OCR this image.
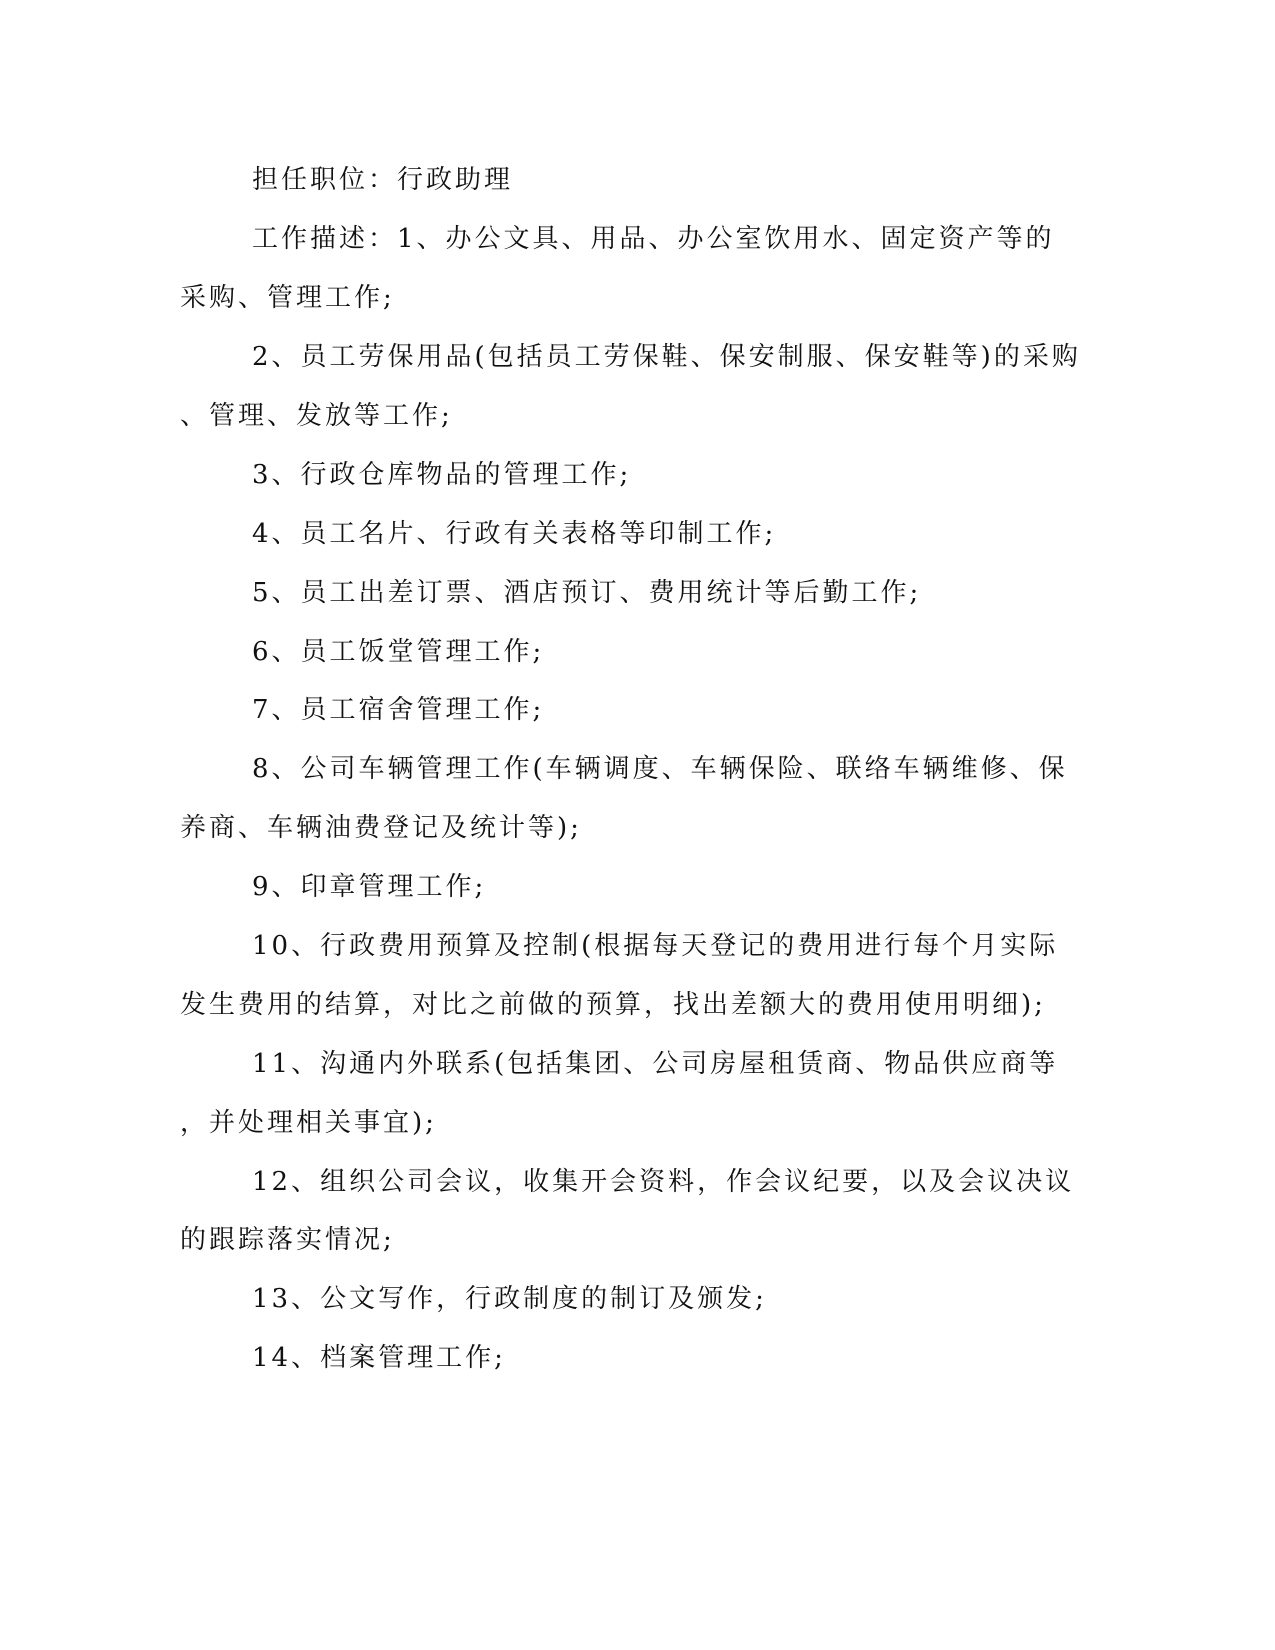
担任职位：行政助理
工作描述：1、办公文具、用品、办公室饮用水、固定资产等的
采购、管理工作;
2、员工劳保用品(包括员工劳保鞋、保安制服、保安鞋等)的采购
、管理、发放等工作;
3、行政仓库物品的管理工作;
4、员工名片、行政有关表格等印制工作;
5、员工出差订票、酒店预订、费用统计等后勤工作;
6、员工饭堂管理工作;
7、员工宿舍管理工作;
8、公司车辆管理工作(车辆调度、车辆保险、联络车辆维修、保
养商、车辆油费登记及统计等);
9、印章管理工作;
10、行政费用预算及控制(根据每天登记的费用进行每个月实际
发生费用的结算，对比之前做的预算，找出差额大的费用使用明细);
11、沟通内外联系(包括集团、公司房屋租赁商、物品供应商等
，并处理相关事宜);
12、组织公司会议，收集开会资料，作会议纪要，以及会议决议
的跟踪落实情况;
13、公文写作，行政制度的制订及颁发;
14、档案管理工作;
